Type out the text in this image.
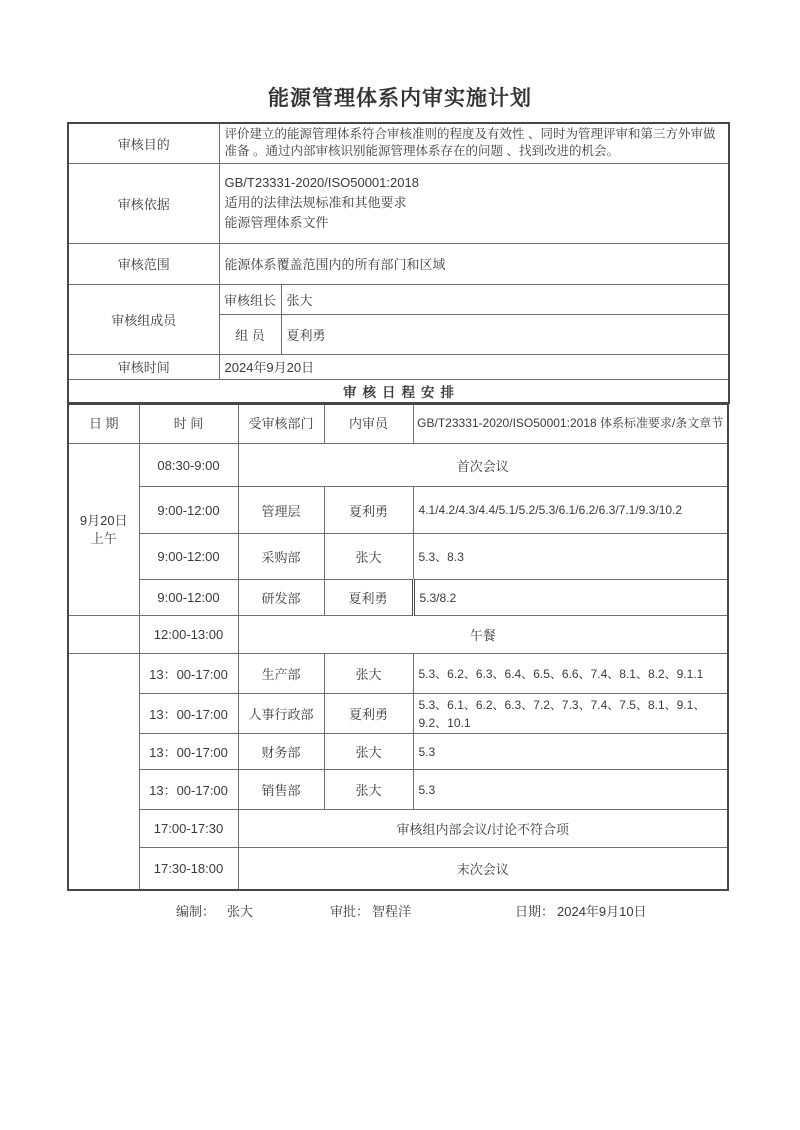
能源管理体系内审实施计划
审核目的	评价建立的能源管理体系符合审核准则的程度及有效性 、同时为管理评审和第三方外审做准备 。通过内部审核识别能源管理体系存在的问题 、找到改进的机会。	
审核依据	GB/T23331-2020/ISO50001:2018
适用的法律法规标准和其他要求
能源管理体系文件	

审核范围	能源体系覆盖范围内的所有部门和区域	
审核组成员	审核组长	张大
	组 员	夏利勇
审核时间	2024年9月20日	
审核日程安排		
日 期	时 间	受审核部门	内审员	GB/T23331-2020/ISO50001:2018 体系标准要求/条文章节

9月20日
上午	08:30-9:00	首次会议		
	9:00-12:00	管理层	夏利勇	4.1/4.2/4.3/4.4/5.1/5.2/5.3/6.1/6.2/6.3/7.1/9.3/10.2
	9:00-12:00	采购部	张大	5.3、8.3
	9:00-12:00	研发部	夏利勇	5.3/8.2
	12:00-13:00	午餐		
	13：00-17:00	生产部	张大	5.3、6.2、6.3、6.4、6.5、6.6、7.4、8.1、8.2、9.1.1
	13：00-17:00	人事行政部	夏利勇	5.3、6.1、6.2、6.3、7.2、7.3、7.4、7.5、8.1、9.1、9.2、10.1
	13：00-17:00	财务部	张大	5.3
	13：00-17:00	销售部	张大	5.3
	17:00-17:30	审核组内部会议/讨论不符合项		
	17:30-18:00	末次会议		
编制： 张大	审批： 智程洋	日期： 2024年9月10日
